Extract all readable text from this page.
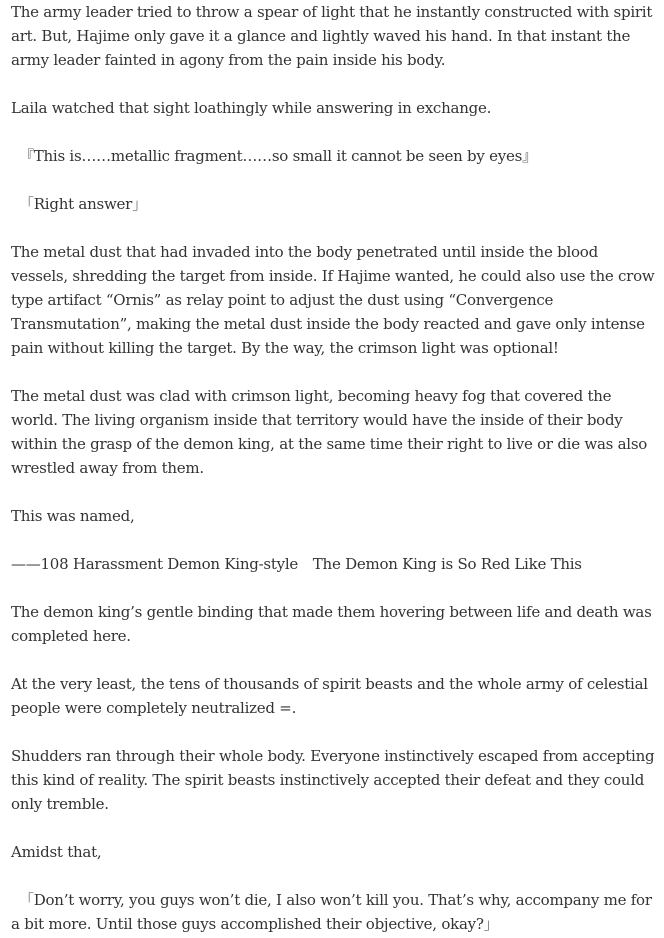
The army leader tried to throw a spear of light that he instantly constructed with spirit art. But, Hajime only gave it a glance and lightly waved his hand. In that instant the army leader fainted in agony from the pain inside his body.

Laila watched that sight loathingly while answering in exchange.

『This is……metallic fragment……so small it cannot be seen by eyes』

「Right answer」

The metal dust that had invaded into the body penetrated until inside the blood vessels, shredding the target from inside. If Hajime wanted, he could also use the crow type artifact “Ornis” as relay point to adjust the dust using “Convergence Transmutation”, making the metal dust inside the body reacted and gave only intense pain without killing the target. By the way, the crimson light was optional!

The metal dust was clad with crimson light, becoming heavy fog that covered the world. The living organism inside that territory would have the inside of their body within the grasp of the demon king, at the same time their right to live or die was also wrestled away from them.

This was named,

——108 Harassment Demon King-style　The Demon King is So Red Like This

The demon king’s gentle binding that made them hovering between life and death was completed here.

At the very least, the tens of thousands of spirit beasts and the whole army of celestial people were completely neutralized =.

Shudders ran through their whole body. Everyone instinctively escaped from accepting this kind of reality. The spirit beasts instinctively accepted their defeat and they could only tremble.

Amidst that,

「Don’t worry, you guys won’t die, I also won’t kill you. That’s why, accompany me for a bit more. Until those guys accomplished their objective, okay?」
